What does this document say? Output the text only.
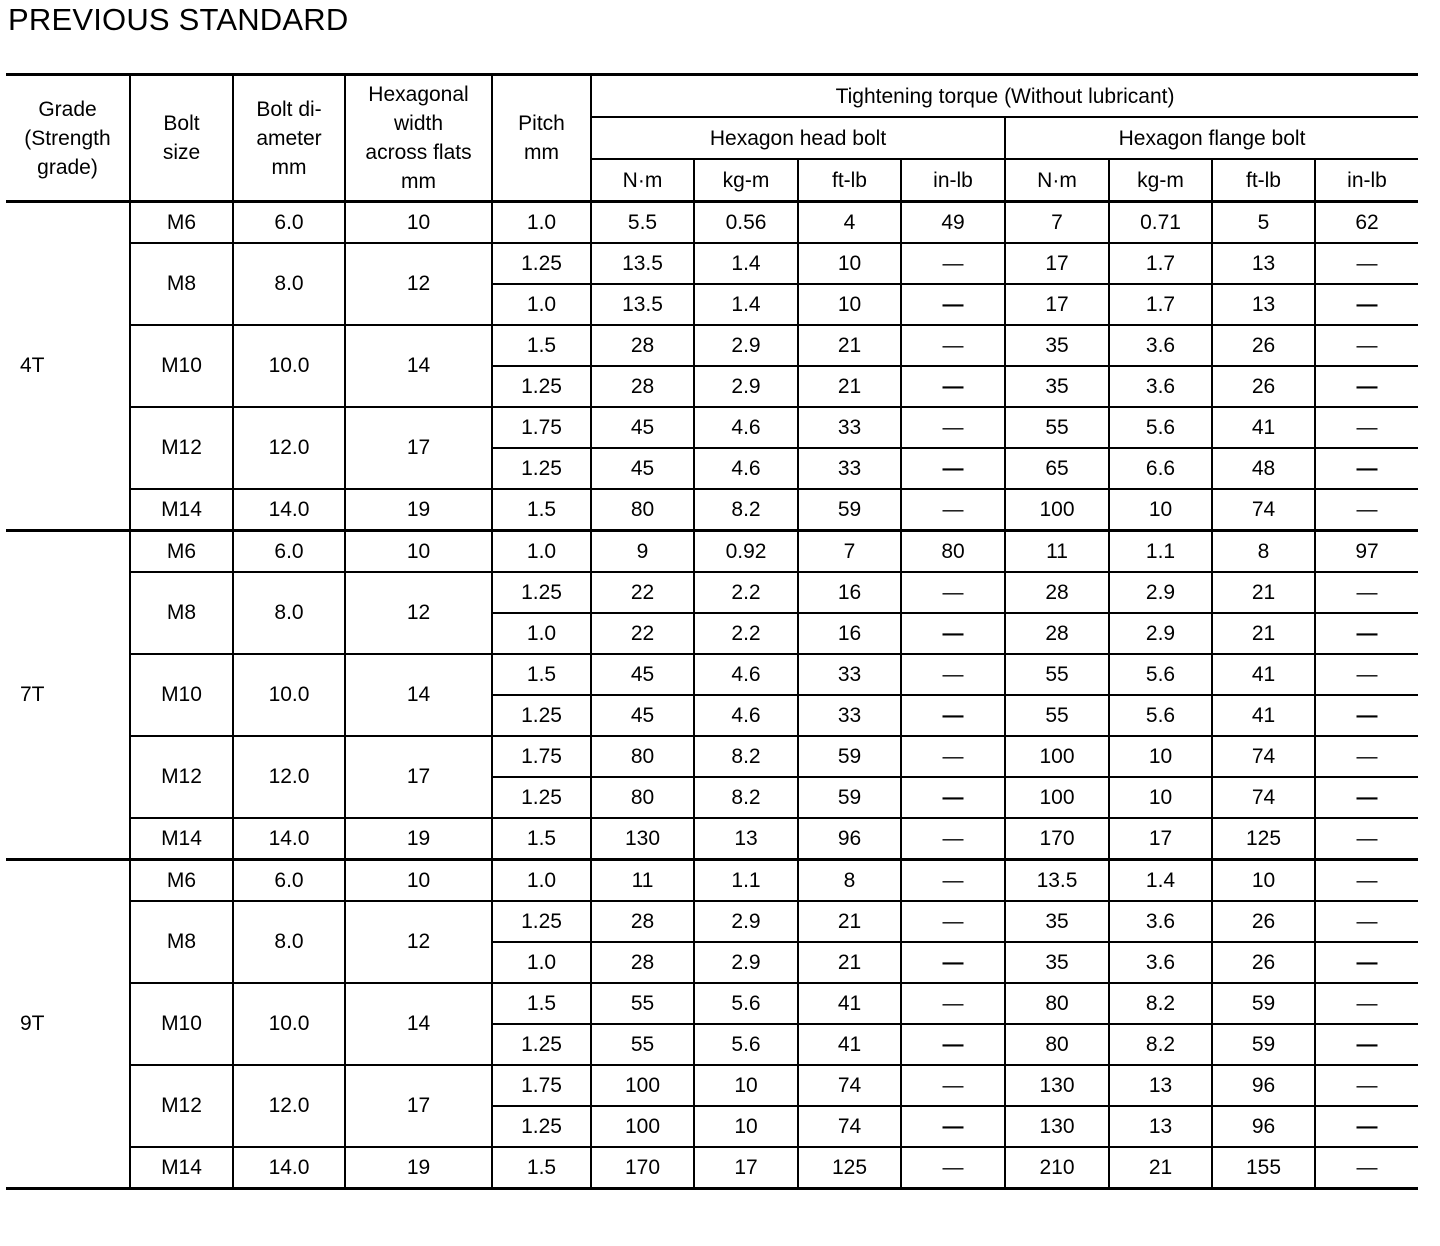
PREVIOUS STANDARD
Grade
(Strength
grade)	Bolt
size	Bolt di-
ameter
mm	Hexagonal
width
across flats
mm	Pitch
mm	Tightening torque (Without lubricant)							
					Hexagon head bolt				Hexagon flange bolt			
					N·m	kg-m	ft-lb	in-lb	N·m	kg-m	ft-lb	in-lb
4T	M6	6.0	10	1.0	5.5	0.56	4	49	7	0.71	5	62
	M8	8.0	12	1.25	13.5	1.4	10	—	17	1.7	13	—
				1.0	13.5	1.4	10	—	17	1.7	13	—
	M10	10.0	14	1.5	28	2.9	21	—	35	3.6	26	—
				1.25	28	2.9	21	—	35	3.6	26	—
	M12	12.0	17	1.75	45	4.6	33	—	55	5.6	41	—
				1.25	45	4.6	33	—	65	6.6	48	—
	M14	14.0	19	1.5	80	8.2	59	—	100	10	74	—
7T	M6	6.0	10	1.0	9	0.92	7	80	11	1.1	8	97
	M8	8.0	12	1.25	22	2.2	16	—	28	2.9	21	—
				1.0	22	2.2	16	—	28	2.9	21	—
	M10	10.0	14	1.5	45	4.6	33	—	55	5.6	41	—
				1.25	45	4.6	33	—	55	5.6	41	—
	M12	12.0	17	1.75	80	8.2	59	—	100	10	74	—
				1.25	80	8.2	59	—	100	10	74	—
	M14	14.0	19	1.5	130	13	96	—	170	17	125	—
9T	M6	6.0	10	1.0	11	1.1	8	—	13.5	1.4	10	—
	M8	8.0	12	1.25	28	2.9	21	—	35	3.6	26	—
				1.0	28	2.9	21	—	35	3.6	26	—
	M10	10.0	14	1.5	55	5.6	41	—	80	8.2	59	—
				1.25	55	5.6	41	—	80	8.2	59	—
	M12	12.0	17	1.75	100	10	74	—	130	13	96	—
				1.25	100	10	74	—	130	13	96	—
	M14	14.0	19	1.5	170	17	125	—	210	21	155	—
